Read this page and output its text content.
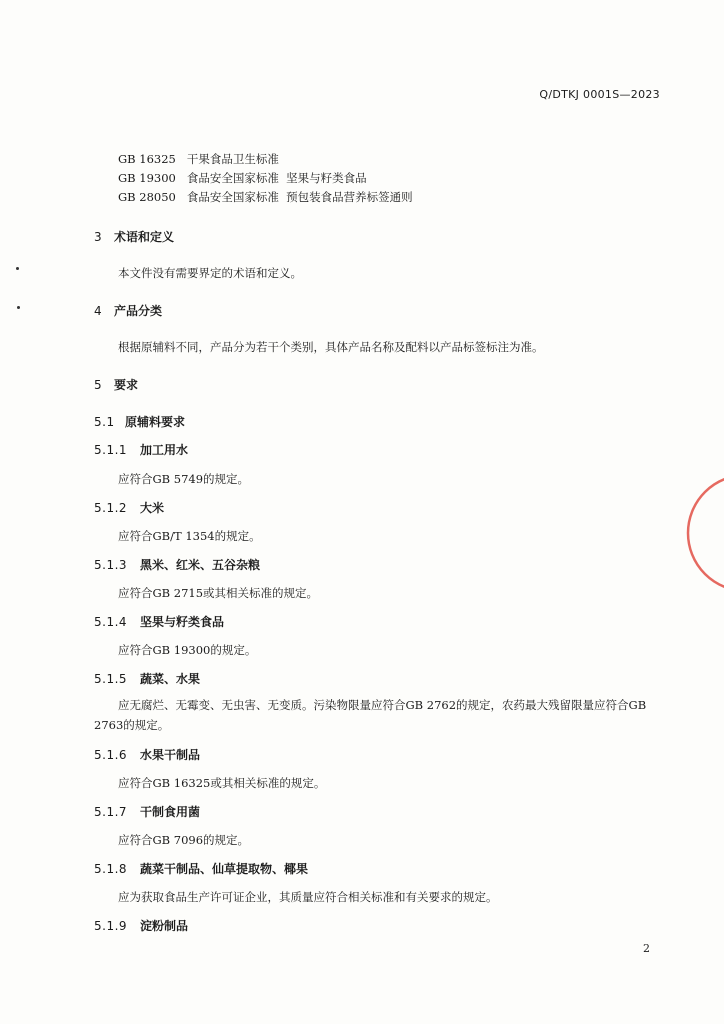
Q/DTKJ 0001S—2023
GB 16325 干果食品卫生标准
GB 19300 食品安全国家标准  坚果与籽类食品
GB 28050 食品安全国家标准  预包装食品营养标签通则
3 术语和定义
本文件没有需要界定的术语和定义。
4 产品分类
根据原辅料不同，产品分为若干个类别，具体产品名称及配料以产品标签标注为准。
5 要求
5.1 原辅料要求
5.1.1 加工用水
应符合GB 5749的规定。
5.1.2 大米
应符合GB/T 1354的规定。
5.1.3 黑米、红米、五谷杂粮
应符合GB 2715或其相关标准的规定。
5.1.4 坚果与籽类食品
应符合GB 19300的规定。
5.1.5 蔬菜、水果
应无腐烂、无霉变、无虫害、无变质。污染物限量应符合GB 2762的规定，农药最大残留限量应符合GB 2763的规定。
5.1.6 水果干制品
应符合GB 16325或其相关标准的规定。
5.1.7 干制食用菌
应符合GB 7096的规定。
5.1.8 蔬菜干制品、仙草提取物、椰果
应为获取食品生产许可证企业，其质量应符合相关标准和有关要求的规定。
5.1.9 淀粉制品
2
